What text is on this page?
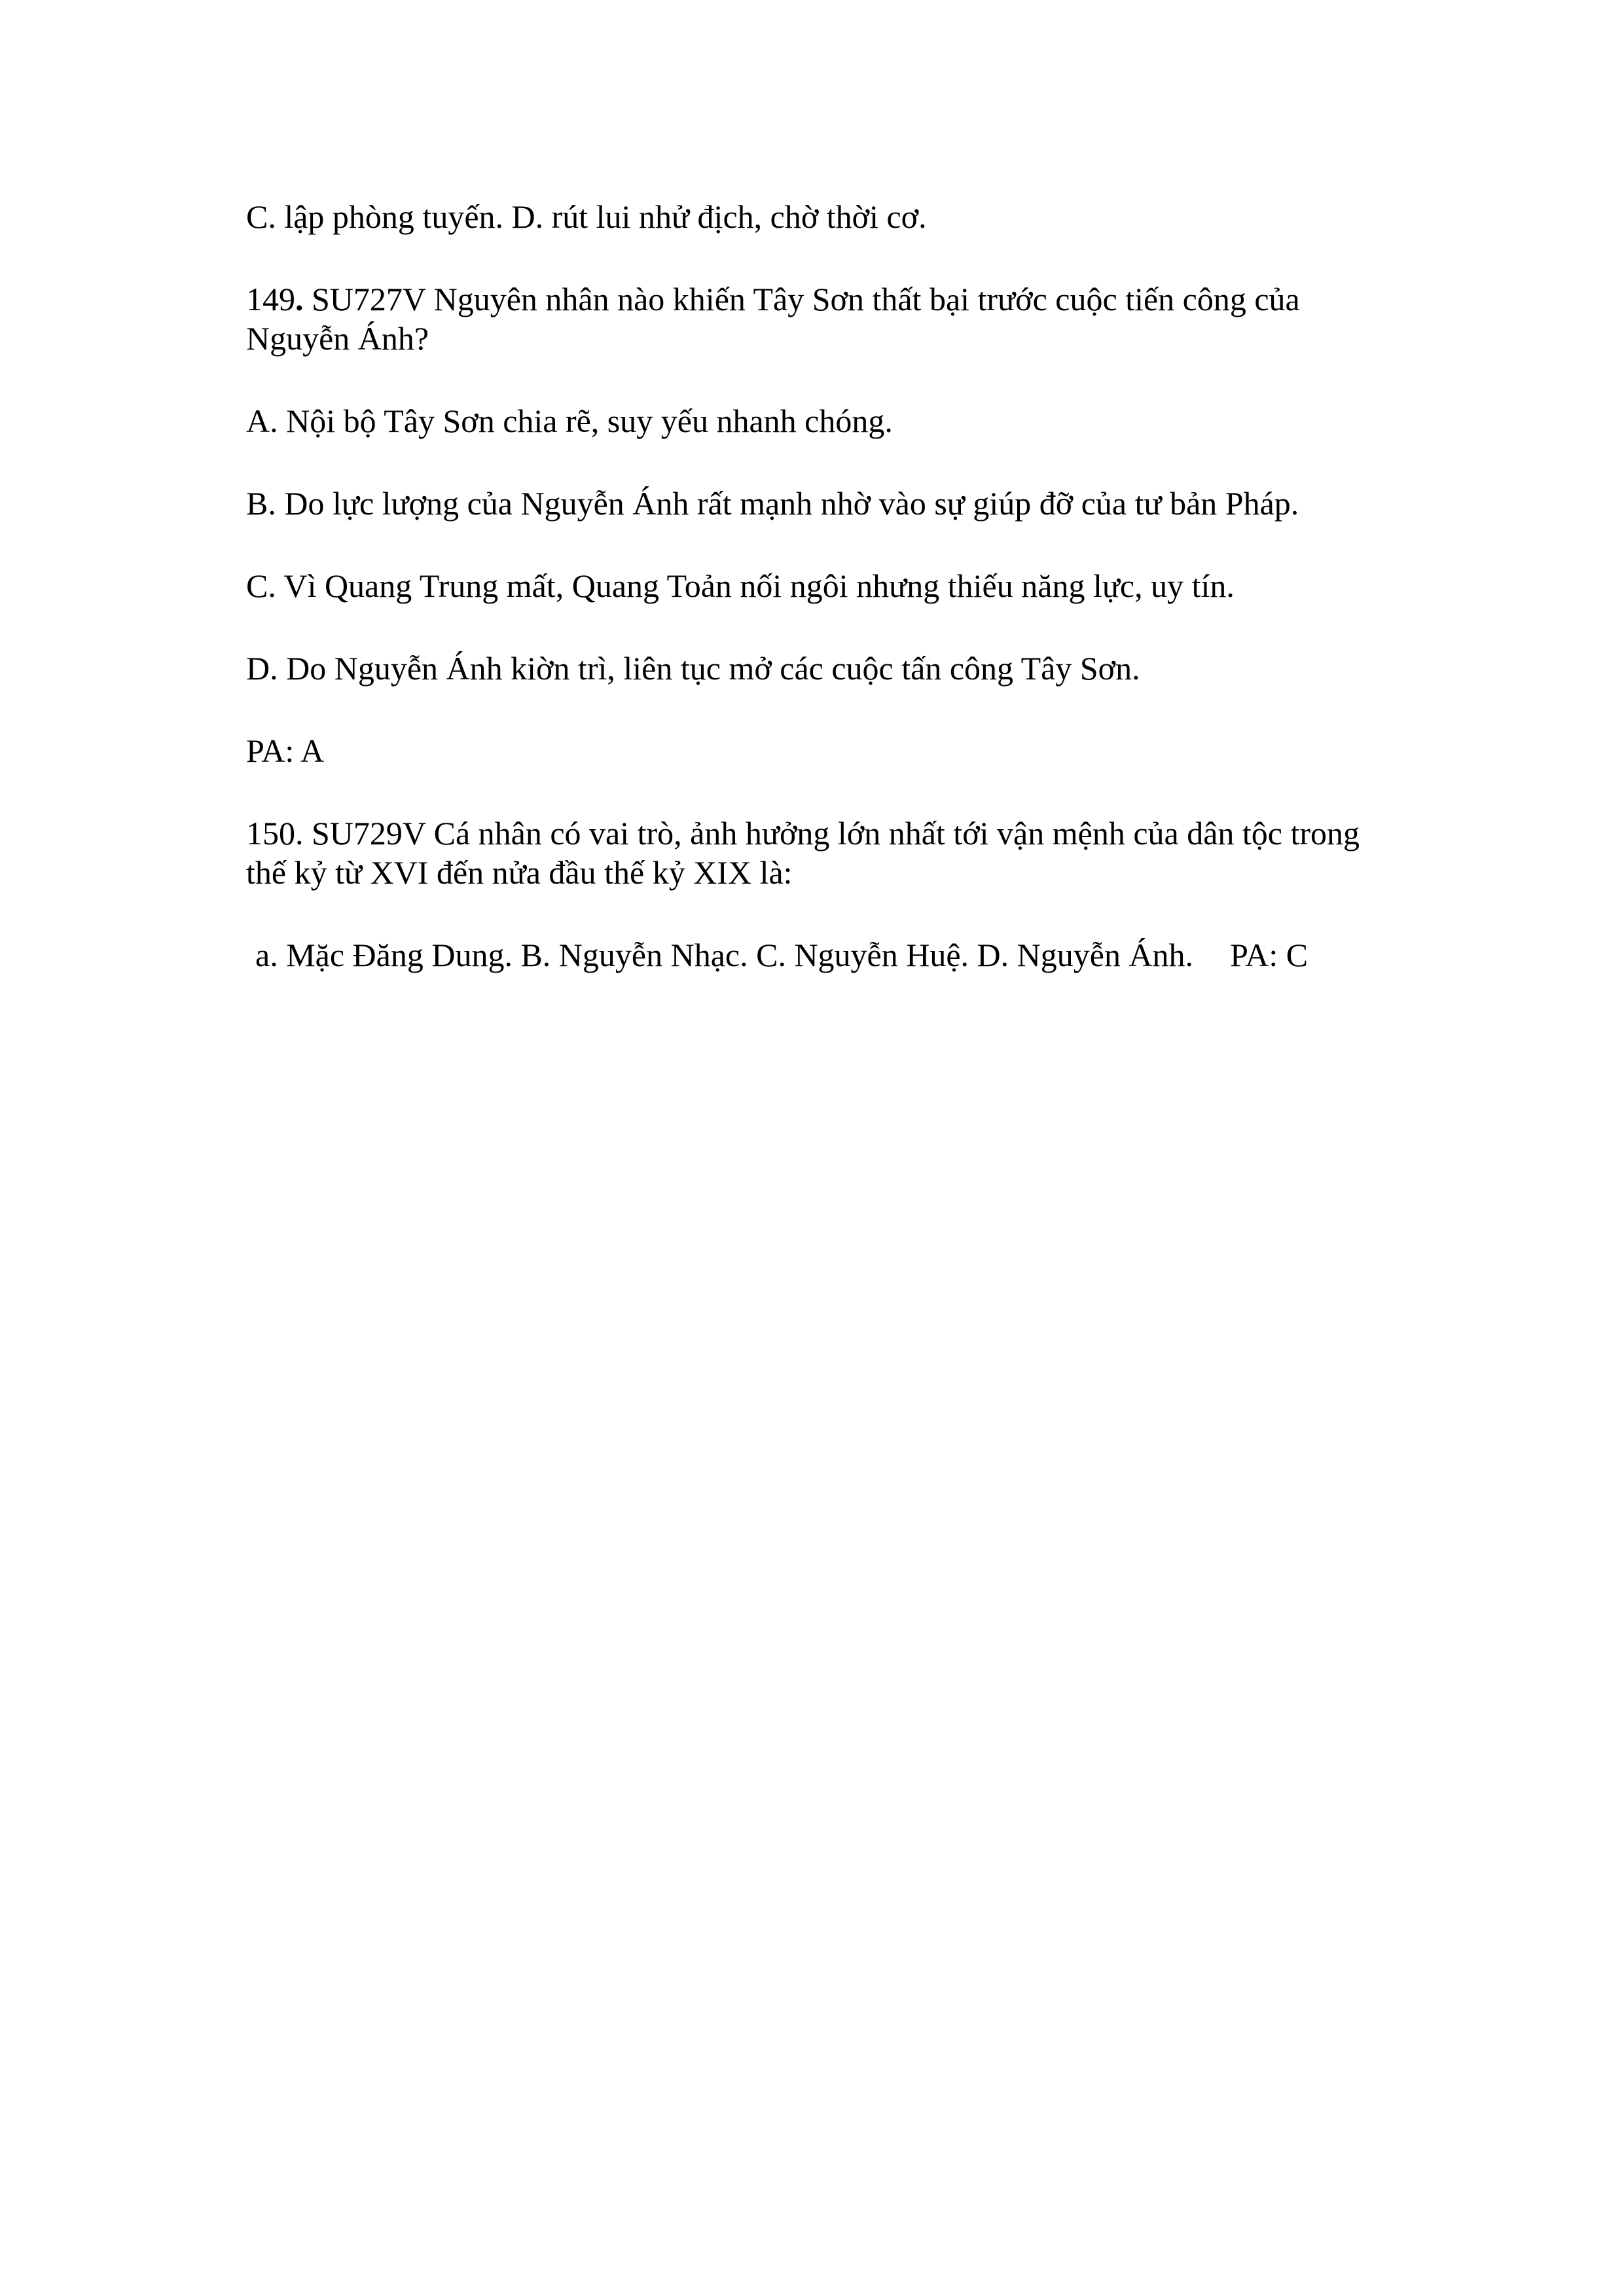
C. lập phòng tuyến. D. rút lui nhử địch, chờ thời cơ.

149. SU727V Nguyên nhân nào khiến Tây Sơn thất bại trước cuộc tiến công của
Nguyễn Ánh?

A. Nội bộ Tây Sơn chia rẽ, suy yếu nhanh chóng.

B. Do lực lượng của Nguyễn Ánh rất mạnh nhờ vào sự giúp đỡ của tư bản Pháp.

C. Vì Quang Trung mất, Quang Toản nối ngôi nhưng thiếu năng lực, uy tín.

D. Do Nguyễn Ánh kiờn trì, liên tục mở các cuộc tấn công Tây Sơn.

PA: A

150. SU729V Cá nhân có vai trò, ảnh hưởng lớn nhất tới vận mệnh của dân tộc trong
thế kỷ từ XVI đến nửa đầu thế kỷ XIX là:

a. Mặc Đăng Dung. B. Nguyễn Nhạc. C. Nguyễn Huệ. D. Nguyễn Ánh. PA: C
